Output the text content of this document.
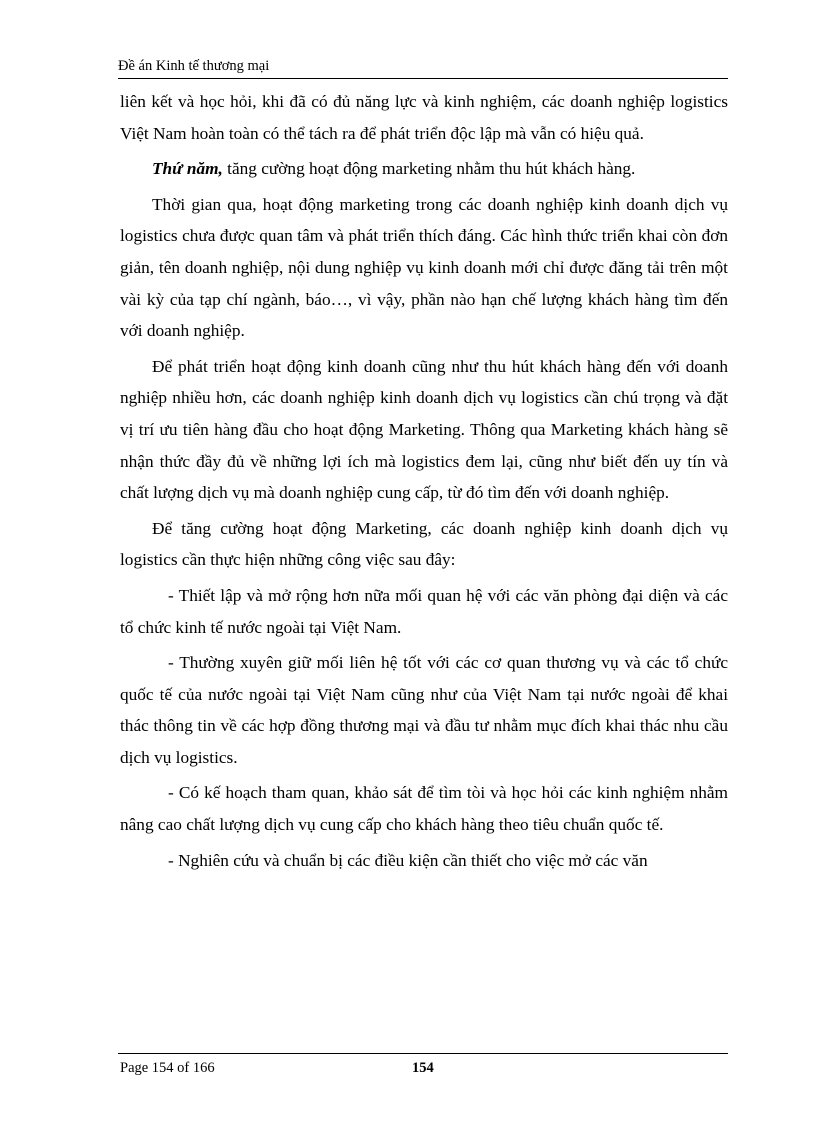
Đề án Kinh tế thương mại

liên kết và học hỏi, khi đã có đủ năng lực và kinh nghiệm, các doanh nghiệp logistics Việt Nam hoàn toàn có thể tách ra để phát triển độc lập mà vẫn có hiệu quả.

Thứ năm, tăng cường hoạt động marketing nhằm thu hút khách hàng.

Thời gian qua, hoạt động marketing trong các doanh nghiệp kinh doanh dịch vụ logistics chưa được quan tâm và phát triển thích đáng. Các hình thức triển khai còn đơn giản, tên doanh nghiệp, nội dung nghiệp vụ kinh doanh mới chỉ được đăng tải trên một vài kỳ của tạp chí ngành, báo…, vì vậy, phần nào hạn chế lượng khách hàng tìm đến với doanh nghiệp.

Để phát triển hoạt động kinh doanh cũng như thu hút khách hàng đến với doanh nghiệp nhiều hơn, các doanh nghiệp kinh doanh dịch vụ logistics cần chú trọng và đặt vị trí ưu tiên hàng đầu cho hoạt động Marketing. Thông qua Marketing khách hàng sẽ nhận thức đầy đủ về những lợi ích mà logistics đem lại, cũng như biết đến uy tín và chất lượng dịch vụ mà doanh nghiệp cung cấp, từ đó tìm đến với doanh nghiệp.

Để tăng cường hoạt động Marketing, các doanh nghiệp kinh doanh dịch vụ logistics cần thực hiện những công việc sau đây:

- Thiết lập và mở rộng hơn nữa mối quan hệ với các văn phòng đại diện và các tổ chức kinh tế nước ngoài tại Việt Nam.

- Thường xuyên giữ mối liên hệ tốt với các cơ quan thương vụ và các tổ chức quốc tế của nước ngoài tại Việt Nam cũng như của Việt Nam tại nước ngoài để khai thác thông tin về các hợp đồng thương mại và đầu tư nhằm mục đích khai thác nhu cầu dịch vụ logistics.

- Có kế hoạch tham quan, khảo sát để tìm tòi và học hỏi các kinh nghiệm nhằm nâng cao chất lượng dịch vụ cung cấp cho khách hàng theo tiêu chuẩn quốc tế.

- Nghiên cứu và chuẩn bị các điều kiện cần thiết cho việc mở các văn

Page 154 of 166	154
